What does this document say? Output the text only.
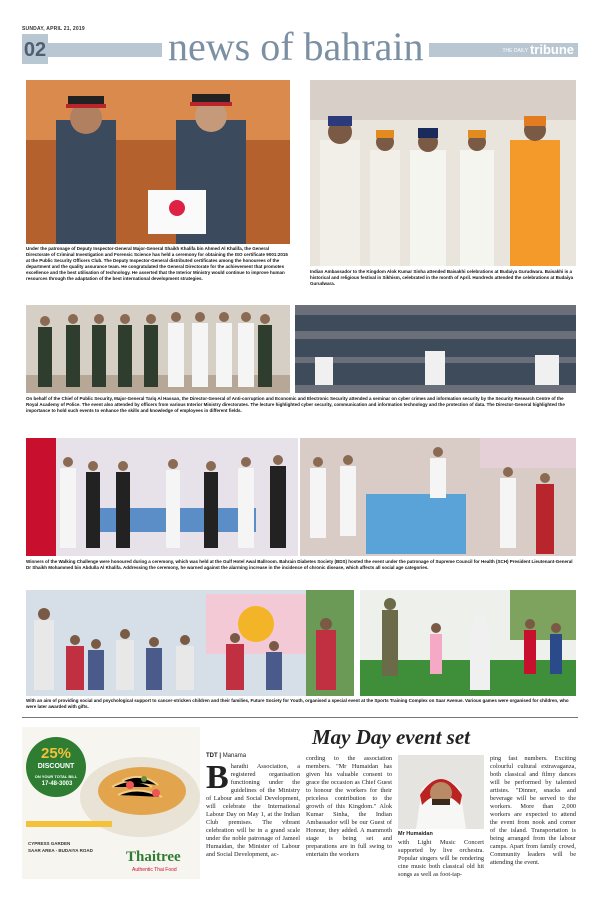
SUNDAY, APRIL 21, 2019
02	news of bahrain	THE DAILY tribune
Under the patronage of Deputy Inspector-General Major-General Shaikh Khalifa bin Ahmed Al Khalifa, the General Directorate of Criminal Investigation and Forensic Science has held a ceremony for obtaining the ISO certificate 9001:2015 at the Public Security Officers Club. The Deputy Inspector-General distributed certificates among the honourees of the department and the quality assurance team. He congratulated the General Directorate for the achievement that promotes excellence and the best utilisation of technology. He asserted that the Interior Ministry would continue to improve human resources through the adaptation of the best international development strategies.
Indian Ambassador to the Kingdom Alok Kumar Sinha attended Baisakhi celebrations at Budaiya Gurudwara. Baisakhi is a historical and religious festival in Sikhism, celebrated in the month of April. Hundreds attended the celebrations at Budaiya Gurudwara.
On behalf of the Chief of Public Security, Major-General Tariq Al Hassan, the Director-General of Anti-corruption and Economic and Electronic Security attended a seminar on cyber crimes and information security by the Security Research Centre of the Royal Academy of Police. The event also attended by officers from various Interior Ministry directorates. The lecture highlighted cyber security, communication and information technology and the protection of data. The Director-General highlighted the importance to hold such events to enhance the skills and knowledge of employees in different fields.
Winners of the Walking Challenge were honoured during a ceremony, which was held at the Gulf Hotel Awal Ballroom. Bahrain Diabetes Society (BDS) hosted the event under the patronage of Supreme Council for Health (SCH) President Lieutenant-General Dr Shaikh Mohammed bin Abdulla Al Khalifa. Addressing the ceremony, he warned against the alarming increase in the incidence of chronic disease, which affects all social age categories.
With an aim of providing social and psychological support to cancer-stricken children and their families, Future Society for Youth, organised a special event at the Sports Training Complex on Saar Avenue. Various games were organised for children, who were later awarded with gifts.
25%
DISCOUNT
ON YOUR TOTAL BILL
17-48-3003
CYPRESS GARDEN
SAAR AREA - BUDAIYA ROAD Thaitree
Authentic Thai Food
May Day event set
TDT | Manama
Bharathi Association, a registered organisation functioning under the guidelines of the Ministry of Labour and Social Development, will celebrate the International Labour Day on May 1, at the Indian Club premises. The vibrant celebration will be in a grand scale under the noble patronage of Jameel Humaidan, the Minister of Labour and Social Development, ac-
cording to the association members. "Mr Humaidan has given his valuable consent to grace the occasion as Chief Guest to honour the workers for their priceless contribution to the growth of this Kingdom." Alok Kumar Sinha, the Indian Ambassador will be our Guest of Honour, they added. A mammoth stage is being set and preparations are in full swing to entertain the workers
Mr Humaidan
with Light Music Concert supported by live orchestra. Popular singers will be rendering cine music both classical old hit songs as well as foot-tap-
ping fast numbers. Exciting colourful cultural extravaganza, both classical and filmy dances will be performed by talented artistes. "Dinner, snacks and beverage will be served to the workers. More than 2,000 workers are expected to attend the event from nook and corner of the island. Transportation is being arranged from the labour camps. Apart from family crowd, Community leaders will be attending the event.
